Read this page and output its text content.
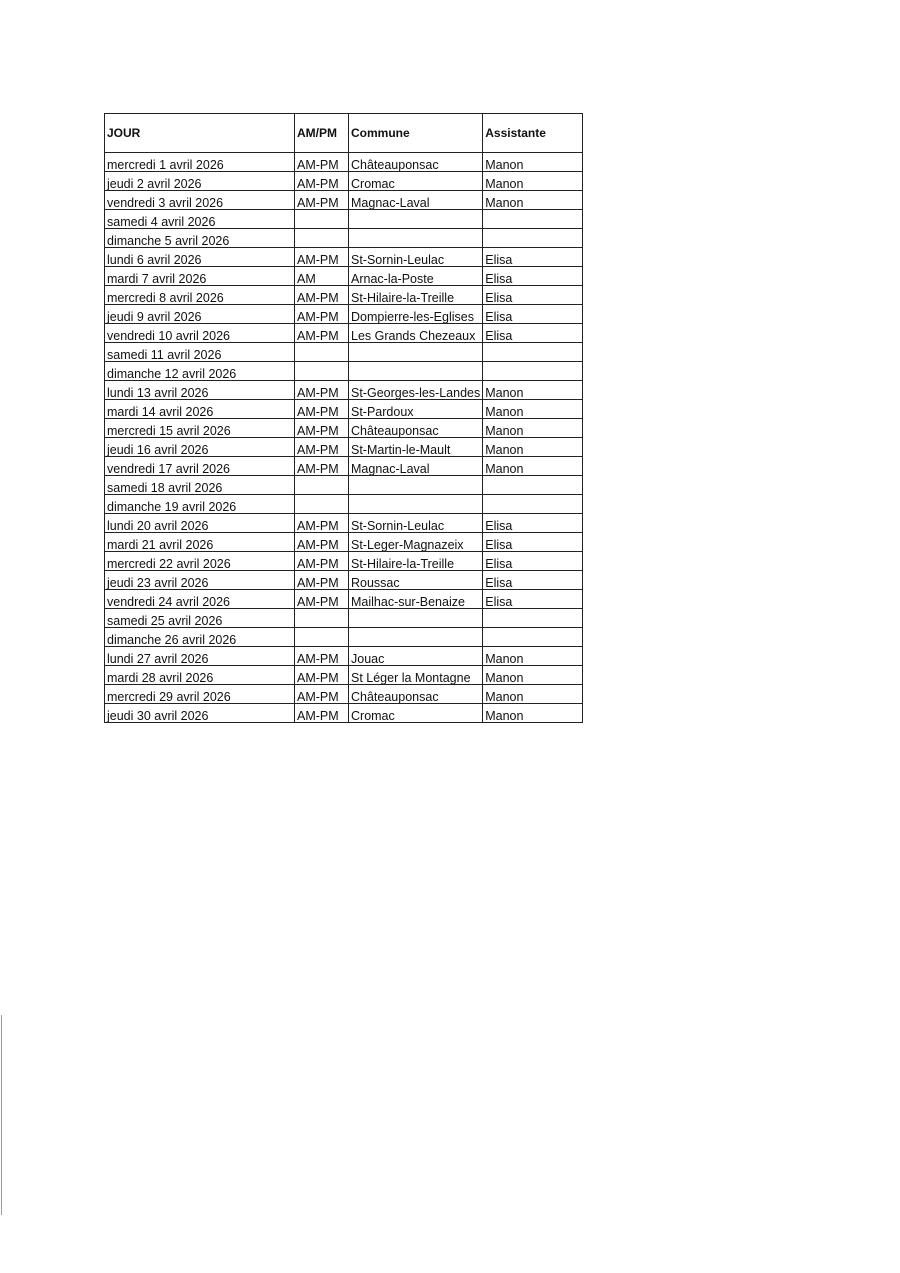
JOUR	AM/PM	Commune	Assistante
mercredi 1 avril 2026	AM-PM	Châteauponsac	Manon
jeudi 2 avril 2026	AM-PM	Cromac	Manon
vendredi 3 avril 2026	AM-PM	Magnac-Laval	Manon
samedi 4 avril 2026			
dimanche 5 avril 2026			
lundi 6 avril 2026	AM-PM	St-Sornin-Leulac	Elisa
mardi 7 avril 2026	AM	Arnac-la-Poste	Elisa
mercredi 8 avril 2026	AM-PM	St-Hilaire-la-Treille	Elisa
jeudi 9 avril 2026	AM-PM	Dompierre-les-Eglises	Elisa
vendredi 10 avril 2026	AM-PM	Les Grands Chezeaux	Elisa
samedi 11 avril 2026			
dimanche 12 avril 2026			
lundi 13 avril 2026	AM-PM	St-Georges-les-Landes	Manon
mardi 14 avril 2026	AM-PM	St-Pardoux	Manon
mercredi 15 avril 2026	AM-PM	Châteauponsac	Manon
jeudi 16 avril 2026	AM-PM	St-Martin-le-Mault	Manon
vendredi 17 avril 2026	AM-PM	Magnac-Laval	Manon
samedi 18 avril 2026			
dimanche 19 avril 2026			
lundi 20 avril 2026	AM-PM	St-Sornin-Leulac	Elisa
mardi 21 avril 2026	AM-PM	St-Leger-Magnazeix	Elisa
mercredi 22 avril 2026	AM-PM	St-Hilaire-la-Treille	Elisa
jeudi 23 avril 2026	AM-PM	Roussac	Elisa
vendredi 24 avril 2026	AM-PM	Mailhac-sur-Benaize	Elisa
samedi 25 avril 2026			
dimanche 26 avril 2026			
lundi 27 avril 2026	AM-PM	Jouac	Manon
mardi 28 avril 2026	AM-PM	St Léger la Montagne	Manon
mercredi 29 avril 2026	AM-PM	Châteauponsac	Manon
jeudi 30 avril 2026	AM-PM	Cromac	Manon
